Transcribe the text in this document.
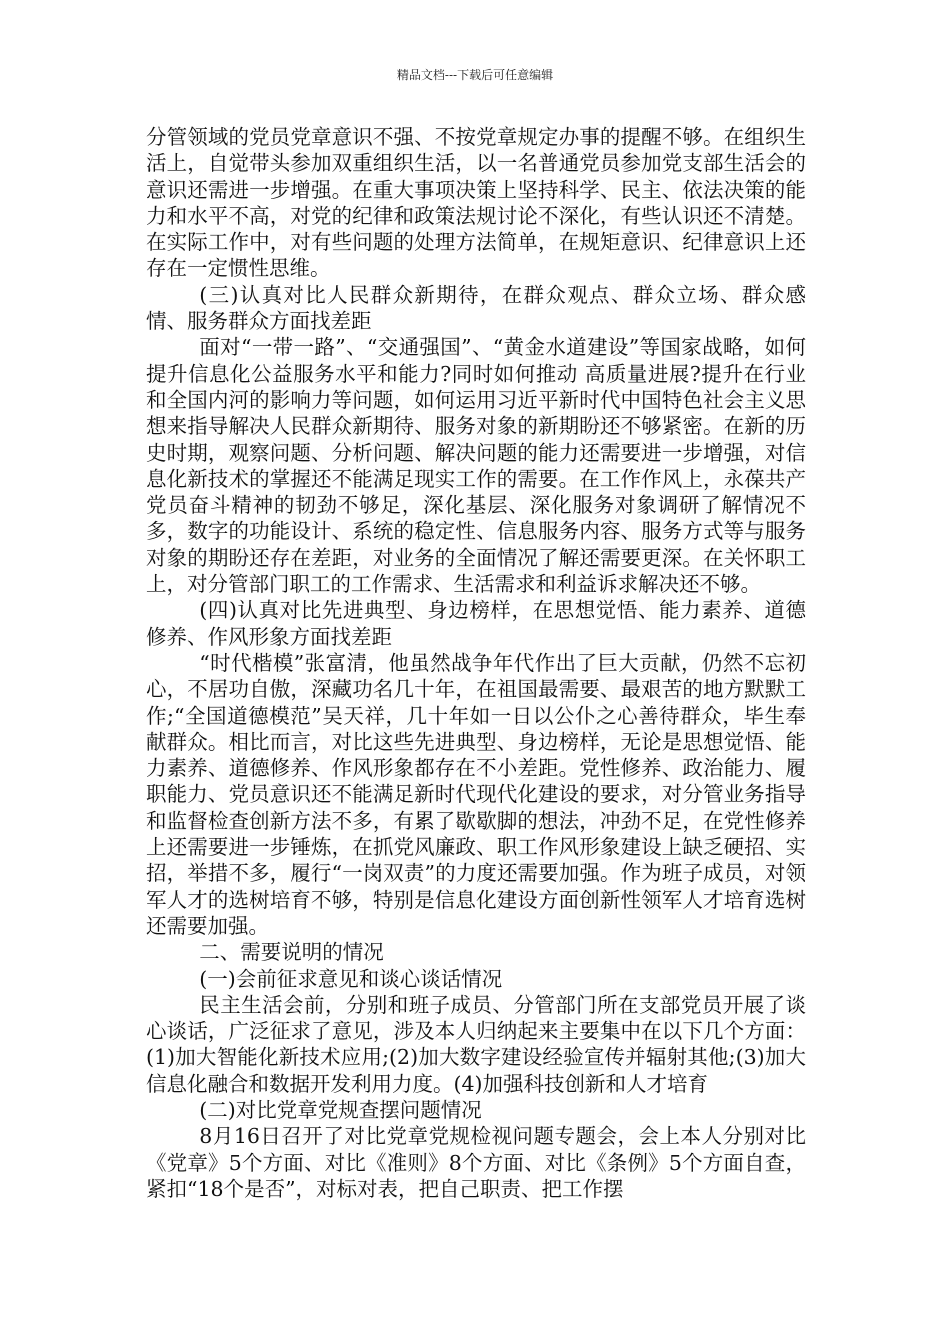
精品文档---下载后可任意编辑

分管领域的党员党章意识不强、不按党章规定办事的提醒不够。在组织生活上，自觉带头参加双重组织生活，以一名普通党员参加党支部生活会的意识还需进一步增强。在重大事项决策上坚持科学、民主、依法决策的能力和水平不高，对党的纪律和政策法规讨论不深化，有些认识还不清楚。在实际工作中，对有些问题的处理方法简单，在规矩意识、纪律意识上还存在一定惯性思维。

(三)认真对比人民群众新期待，在群众观点、群众立场、群众感情、服务群众方面找差距

面对“一带一路”、“交通强国”、“黄金水道建设”等国家战略，如何提升信息化公益服务水平和能力?同时如何推动 高质量进展?提升在行业和全国内河的影响力等问题，如何运用习近平新时代中国特色社会主义思想来指导解决人民群众新期待、服务对象的新期盼还不够紧密。在新的历史时期，观察问题、分析问题、解决问题的能力还需要进一步增强，对信息化新技术的掌握还不能满足现实工作的需要。在工作作风上，永葆共产党员奋斗精神的韧劲不够足，深化基层、深化服务对象调研了解情况不多，数字的功能设计、系统的稳定性、信息服务内容、服务方式等与服务对象的期盼还存在差距，对业务的全面情况了解还需要更深。在关怀职工上，对分管部门职工的工作需求、生活需求和利益诉求解决还不够。

(四)认真对比先进典型、身边榜样，在思想觉悟、能力素养、道德修养、作风形象方面找差距

“时代楷模”张富清，他虽然战争年代作出了巨大贡献，仍然不忘初心，不居功自傲，深藏功名几十年，在祖国最需要、最艰苦的地方默默工作;“全国道德模范”吴天祥，几十年如一日以公仆之心善待群众，毕生奉献群众。相比而言，对比这些先进典型、身边榜样，无论是思想觉悟、能力素养、道德修养、作风形象都存在不小差距。党性修养、政治能力、履职能力、党员意识还不能满足新时代现代化建设的要求，对分管业务指导和监督检查创新方法不多，有累了歇歇脚的想法，冲劲不足，在党性修养上还需要进一步锤炼，在抓党风廉政、职工作风形象建设上缺乏硬招、实招，举措不多，履行“一岗双责”的力度还需要加强。作为班子成员，对领军人才的选树培育不够，特别是信息化建设方面创新性领军人才培育选树还需要加强。

二、需要说明的情况

(一)会前征求意见和谈心谈话情况

民主生活会前，分别和班子成员、分管部门所在支部党员开展了谈心谈话，广泛征求了意见，涉及本人归纳起来主要集中在以下几个方面：(1)加大智能化新技术应用;(2)加大数字建设经验宣传并辐射其他;(3)加大信息化融合和数据开发利用力度。(4)加强科技创新和人才培育

(二)对比党章党规查摆问题情况

8月16日召开了对比党章党规检视问题专题会，会上本人分别对比《党章》5个方面、对比《准则》8个方面、对比《条例》5个方面自查，紧扣“18个是否”，对标对表，把自己职责、把工作摆
